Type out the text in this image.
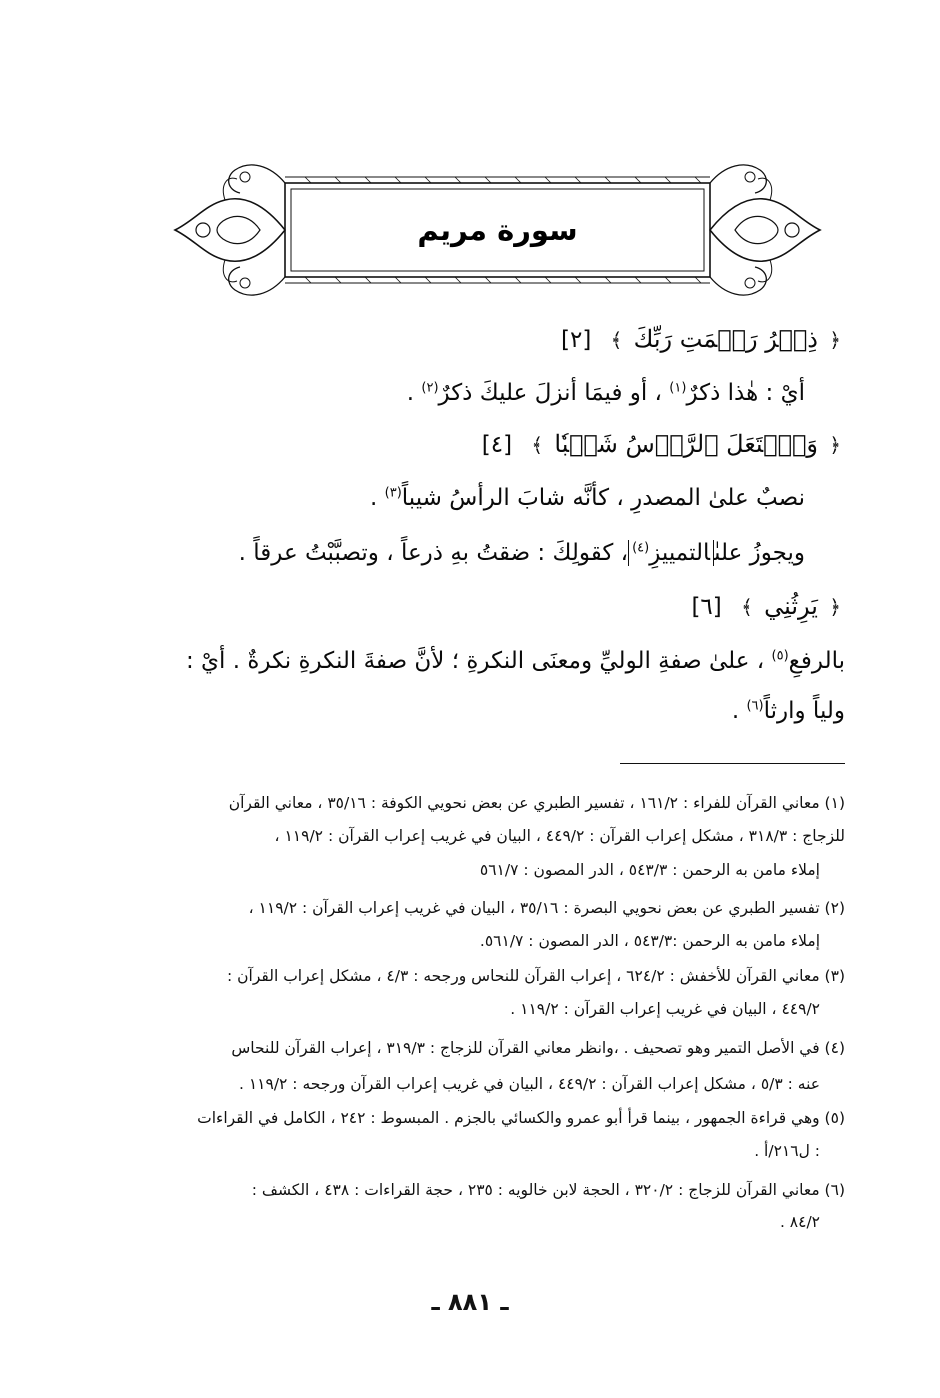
سورة مريم
﴿ ذِكۡرُ رَحۡمَتِ رَبِّكَ ﴾ [٢]
أيْ : هٰذا ذكرٌ$^{(١)}$ ، أو فيمَا أنزلَ عليكَ ذكرٌ$^{(٢)}$ .
﴿ وَٱشۡتَعَلَ ٱلرَّأۡسُ شَيۡبٗا ﴾ [٤]
نصبٌ علىٰ المصدرِ ، كأنَّه شابَ الرأسُ شيباً$^{(٣)}$ .
ويجوزُ علىٰالتمييزِ$^{(٤)}$، كقولِكَ : ضقتُ بهِ ذرعاً ، وتصبَّبْتُ عرقاً .
﴿ يَرِثُنِي ﴾ [٦]
بالرفعِ$^{(٥)}$ ، علىٰ صفةِ الوليِّ ومعنَى النكرةِ ؛ لأنَّ صفةَ النكرةِ نكرةٌ . أيْ :
ولياً وارثاً$^{(٦)}$ .
(١) معاني القرآن للفراء : ١٦١/٢ ، تفسير الطبري عن بعض نحويي الكوفة : ٣٥/١٦ ، معاني القرآن
للزجاج : ٣١٨/٣ ، مشكل إعراب القرآن : ٤٤٩/٢ ، البيان في غريب إعراب القرآن : ١١٩/٢ ،
إملاء مامن به الرحمن : ٥٤٣/٣ ، الدر المصون : ٥٦١/٧
(٢) تفسير الطبري عن بعض نحويي البصرة : ٣٥/١٦ ، البيان في غريب إعراب القرآن : ١١٩/٢ ،
إملاء مامن به الرحمن :٥٤٣/٣ ، الدر المصون : ٥٦١/٧.
(٣) معاني القرآن للأخفش : ٦٢٤/٢ ، إعراب القرآن للنحاس ورجحه : ٤/٣ ، مشكل إعراب القرآن :
٤٤٩/٢ ، البيان في غريب إعراب القرآن : ١١٩/٢ .
(٤) في الأصل التمير وهو تصحيف . ،وانظر معاني القرآن للزجاج : ٣١٩/٣ ، إعراب القرآن للنحاس
عنه : ٥/٣ ، مشكل إعراب القرآن : ٤٤٩/٢ ، البيان في غريب إعراب القرآن ورجحه : ١١٩/٢ .
(٥) وهي قراءة الجمهور ، بينما قرأ أبو عمرو والكسائي بالجزم . المبسوط : ٢٤٢ ، الكامل في القراءات
: ل٢١٦/أ .
(٦) معاني القرآن للزجاج : ٣٢٠/٢ ، الحجة لابن خالويه : ٢٣٥ ، حجة القراءات : ٤٣٨ ، الكشف :
٨٤/٢ .
ـ ٨٨١ ـ
